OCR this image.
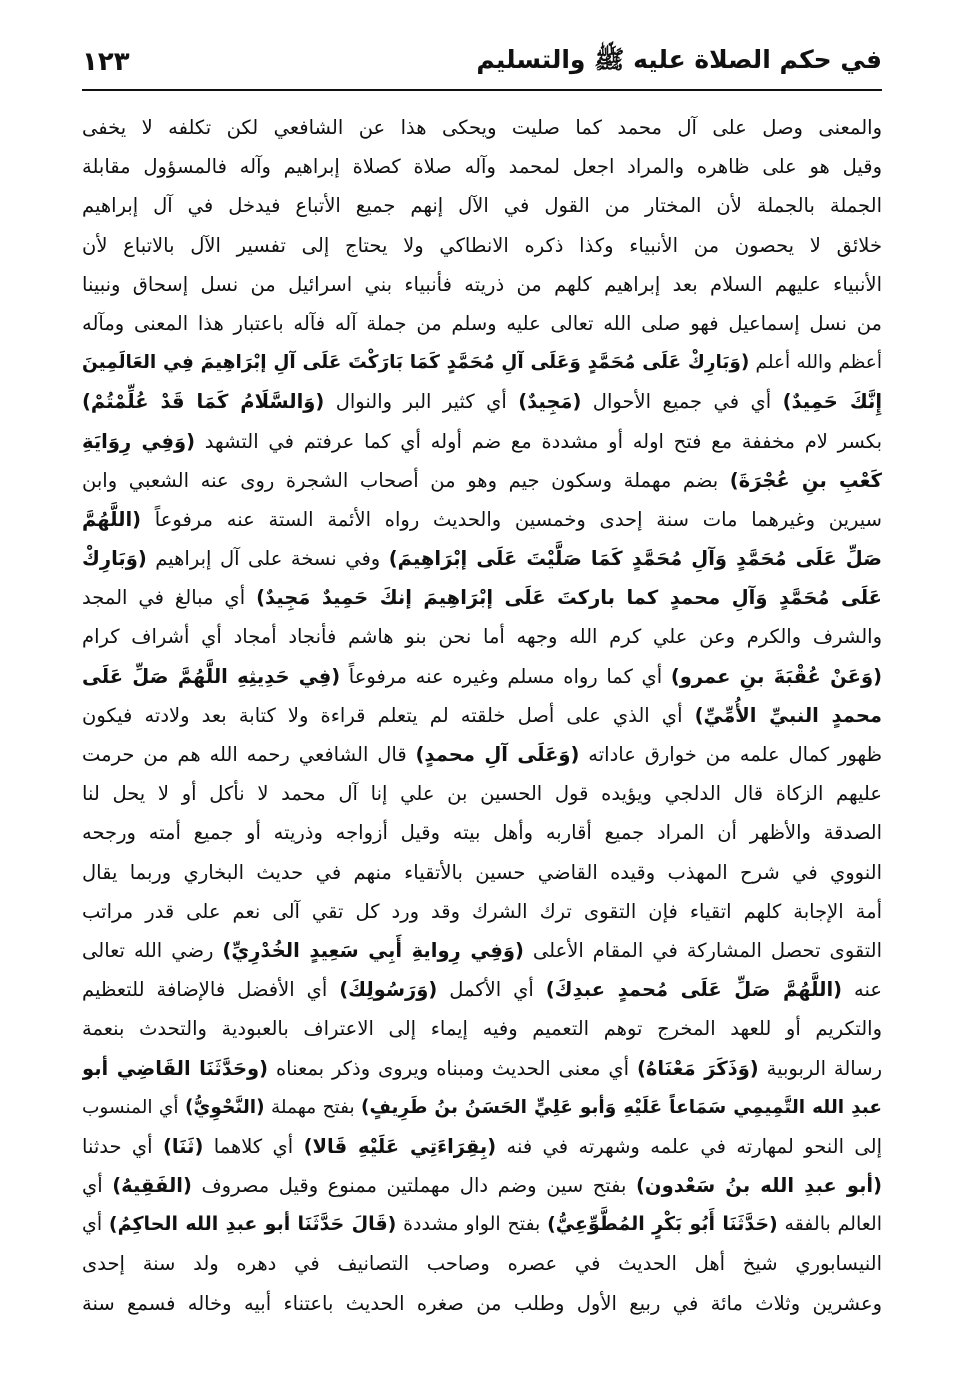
في حكم الصلاة عليه ﷺ والتسليم
١٢٣
والمعنى وصل على آل محمد كما صليت ويحكى هذا عن الشافعي لكن تكلفه لا يخفى
وقيل هو على ظاهره والمراد اجعل لمحمد وآله صلاة كصلاة إبراهيم وآله فالمسؤول مقابلة
الجملة بالجملة لأن المختار من القول في الآل إنهم جميع الأتباع فيدخل في آل إبراهيم
خلائق لا يحصون من الأنبياء وكذا ذكره الانطاكي ولا يحتاج إلى تفسير الآل بالاتباع لأن
الأنبياء عليهم السلام بعد إبراهيم كلهم من ذريته فأنبياء بني اسرائيل من نسل إسحاق ونبينا
من نسل إسماعيل فهو صلى الله تعالى عليه وسلم من جملة آله فآله باعتبار هذا المعنى ومآله
أعظم والله أعلم (وَبَارِكْ عَلَى مُحَمَّدٍ وَعَلَى آلِ مُحَمَّدٍ كَمَا بَارَكْتَ عَلَى آلِ إبْرَاهِيمَ فِي العَالَمِينَ
إِنَّكَ حَمِيدٌ) أي في جميع الأحوال (مَجِيدٌ) أي كثير البر والنوال (وَالسَّلَامُ كَمَا قَدْ عُلِّمْتُمْ)
بكسر لام مخففة مع فتح اوله أو مشددة مع ضم أوله أي كما عرفتم في التشهد (وَفِي رِوَايَةِ
كَعْبِ بنِ عُجْرَةَ) بضم مهملة وسكون جيم وهو من أصحاب الشجرة روى عنه الشعبي وابن
سيرين وغيرهما مات سنة إحدى وخمسين والحديث رواه الأئمة الستة عنه مرفوعاً (اللَّهُمَّ
صَلِّ عَلَى مُحَمَّدٍ وَآلِ مُحَمَّدٍ كَمَا صَلَّيْتَ عَلَى إبْرَاهِيمَ) وفي نسخة على آل إبراهيم (وَبَارِكْ
عَلَى مُحَمَّدٍ وَآلِ محمدٍ كما باركتَ عَلَى إبْرَاهِيمَ إنكَ حَمِيدٌ مَجِيدٌ) أي مبالغ في المجد
والشرف والكرم وعن علي كرم الله وجهه أما نحن بنو هاشم فأنجاد أمجاد أي أشراف كرام
(وَعَنْ عُقْبَةَ بنِ عمرو) أي كما رواه مسلم وغيره عنه مرفوعاً (فِي حَدِيثِهِ اللَّهُمَّ صَلِّ عَلَى
محمدٍ النبيِّ الأُمِّيِّ) أي الذي على أصل خلقته لم يتعلم قراءة ولا كتابة بعد ولادته فيكون
ظهور كمال علمه من خوارق عاداته (وَعَلَى آلِ محمدٍ) قال الشافعي رحمه الله هم من حرمت
عليهم الزكاة قال الدلجي ويؤيده قول الحسين بن علي إنا آل محمد لا نأكل أو لا يحل لنا
الصدقة والأظهر أن المراد جميع أقاربه وأهل بيته وقيل أزواجه وذريته أو جميع أمته ورجحه
النووي في شرح المهذب وقيده القاضي حسين بالأتقياء منهم في حديث البخاري وربما يقال
أمة الإجابة كلهم اتقياء فإن التقوى ترك الشرك وقد ورد كل تقي آلى نعم على قدر مراتب
التقوى تحصل المشاركة في المقام الأعلى (وَفِي رِوايةِ أَبِي سَعِيدٍ الخُدْرِيِّ) رضي الله تعالى
عنه (اللَّهُمَّ صَلِّ عَلَى مُحمدٍ عبدِكَ) أي الأكمل (وَرَسُولِكَ) أي الأفضل فالإضافة للتعظيم
والتكريم أو للعهد المخرج توهم التعميم وفيه إيماء إلى الاعتراف بالعبودية والتحدث بنعمة
رسالة الربوبية (وَذَكَرَ مَعْنَاهُ) أي معنى الحديث ومبناه ويروى وذكر بمعناه (وحَدَّثَنَا القَاضِي أبو
عبدِ الله التَّمِيمِي سَمَاعاً عَلَيْهِ وَأبو عَلِيٍّ الحَسَنُ بنُ طَرِيفٍ) بفتح مهملة (النَّحْوِيُّ) أي المنسوب
إلى النحو لمهارته في علمه وشهرته في فنه (بِقِرَاءَتِي عَلَيْهِ قَالا) أي كلاهما (ثَنَا) أي حدثنا
(أبو عبدِ الله بنُ سَعْدون) بفتح سين وضم دال مهملتين ممنوع وقيل مصروف (الفَقِيهُ) أي
العالم بالفقه (حَدَّثَنَا أَبُو بَكْرٍ المُطَّوِّعِيُّ) بفتح الواو مشددة (قَالَ حَدَّثَنَا أبو عبدِ الله الحاكِمُ) أي
النيسابوري شيخ أهل الحديث في عصره وصاحب التصانيف في دهره ولد سنة إحدى
وعشرين وثلاث مائة في ربيع الأول وطلب من صغره الحديث باعتناء أبيه وخاله فسمع سنة
